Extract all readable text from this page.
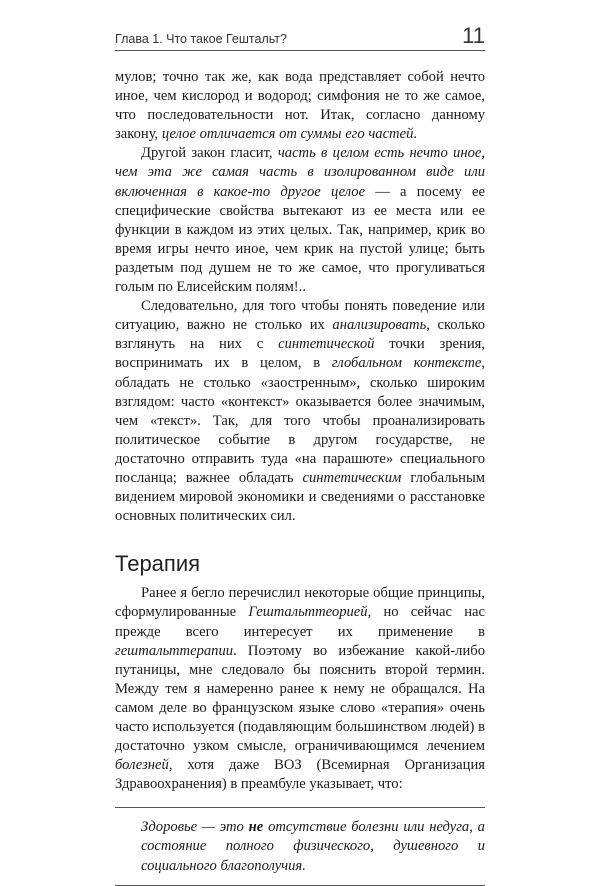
Глава 1. Что такое Гештальт?	11

мулов; точно так же, как вода представляет собой нечто иное, чем кислород и водород; симфония не то же самое, что последовательности нот. Итак, согласно данному закону, целое отличается от суммы его частей.

Другой закон гласит, часть в целом есть нечто иное, чем эта же самая часть в изолированном виде или включенная в какое-то другое целое — а посему ее специфические свойства вытекают из ее места или ее функции в каждом из этих целых. Так, например, крик во время игры нечто иное, чем крик на пустой улице; быть раздетым под душем не то же самое, что прогуливаться голым по Елисейским полям!..

Следовательно, для того чтобы понять поведение или ситуацию, важно не столько их анализировать, сколько взглянуть на них с синтетической точки зрения, воспринимать их в целом, в глобальном контексте, обладать не столько «заостренным», сколько широким взглядом: часто «контекст» оказывается более значимым, чем «текст». Так, для того чтобы проанализировать политическое событие в другом государстве, не достаточно отправить туда «на парашюте» специального посланца; важнее обладать синтетическим глобальным видением мировой экономики и сведениями о расстановке основных политических сил.

Терапия

Ранее я бегло перечислил некоторые общие принципы, сформулированные Гештальттеорией, но сейчас нас прежде всего интересует их применение в гештальттерапии. Поэтому во избежание какой-либо путаницы, мне следовало бы пояснить второй термин. Между тем я намеренно ранее к нему не обращался. На самом деле во французском языке слово «терапия» очень часто используется (подавляющим большинством людей) в достаточно узком смысле, ограничивающимся лечением болезней, хотя даже ВОЗ (Всемирная Организация Здравоохранения) в преамбуле указывает, что:

Здоровье — это не отсутствие болезни или недуга, а состояние полного физического, душевного и социального благополучия.
